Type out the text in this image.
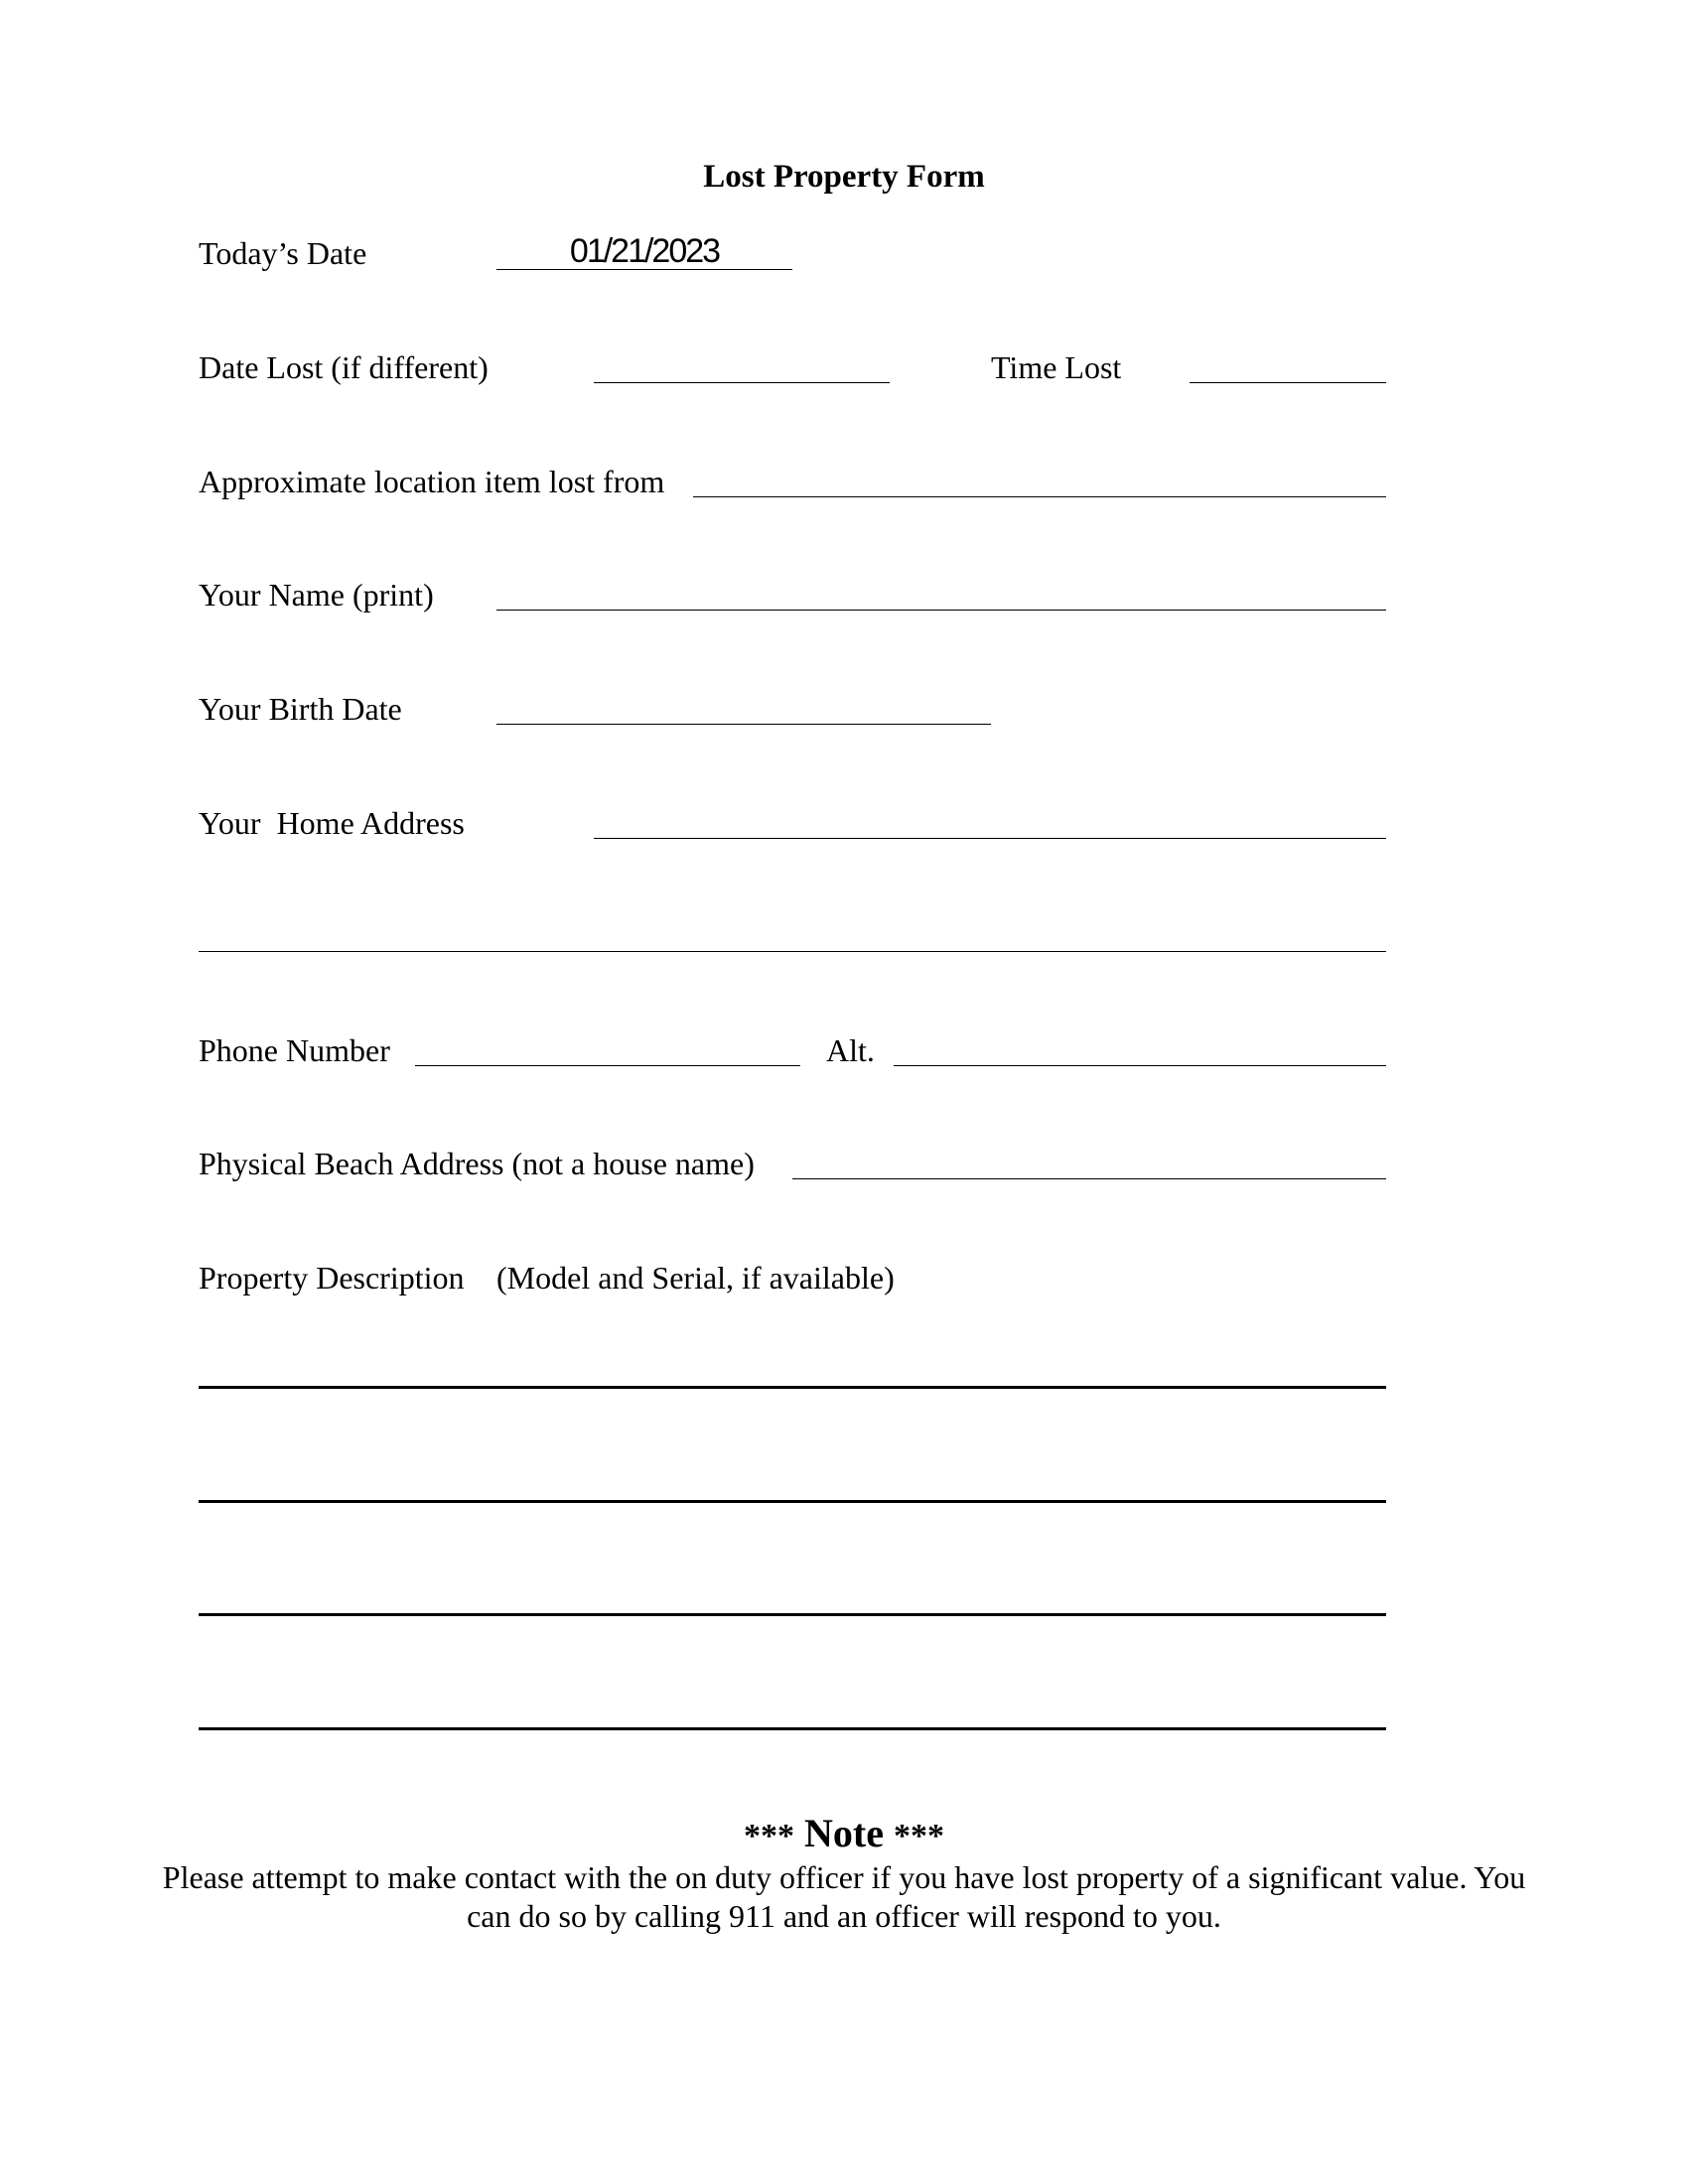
Lost Property Form
Today’s Date	01/21/2023
Date Lost (if different)	Time Lost
Approximate location item lost from
Your Name (print)
Your Birth Date
Your  Home Address
Phone Number	Alt.
Physical Beach Address (not a house name)
Property Description (Model and Serial, if available)
*** Note ***
Please attempt to make contact with the on duty officer if you have lost property of a significant value. You can do so by calling 911 and an officer will respond to you.
